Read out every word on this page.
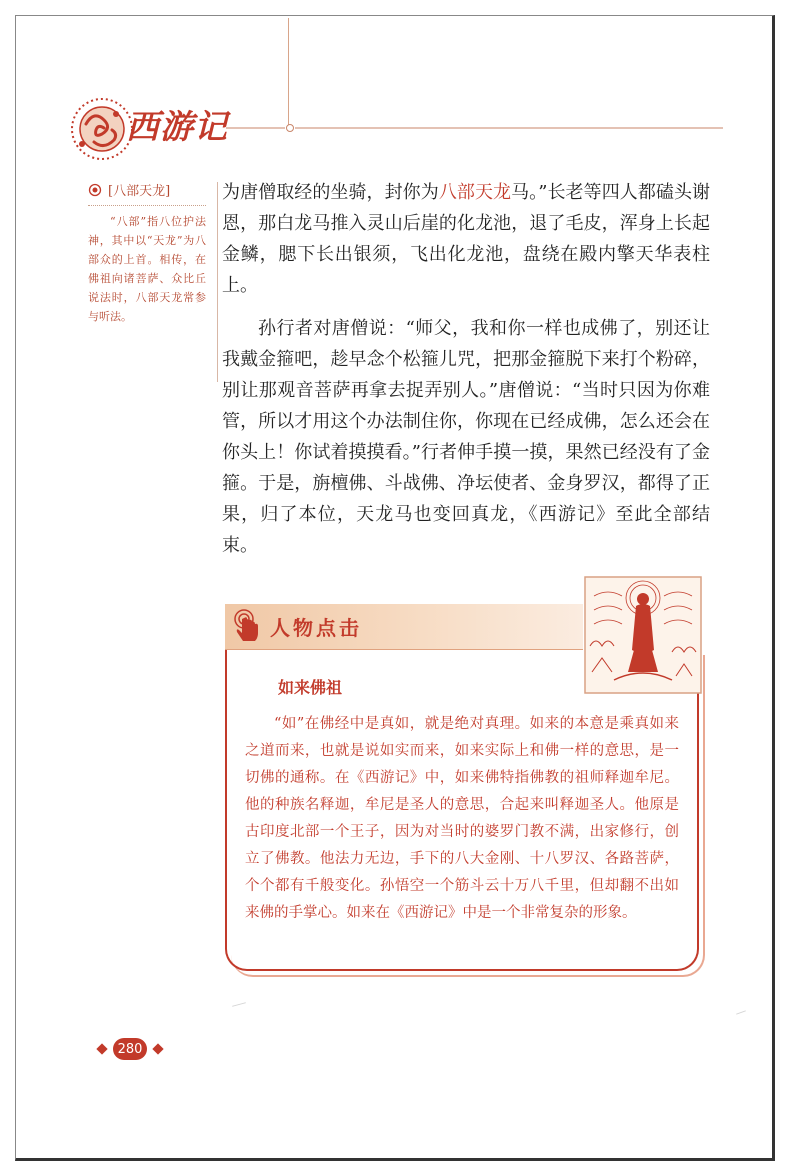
西游记
[八部天龙]
“八部”指八位护法神，其中以“天龙”为八部众的上首。相传，在佛祖向诸菩萨、众比丘说法时，八部天龙常参与听法。

为唐僧取经的坐骑，封你为八部天龙马。”长老等四人都磕头谢恩，那白龙马推入灵山后崖的化龙池，退了毛皮，浑身上长起金鳞，腮下长出银须，飞出化龙池，盘绕在殿内擎天华表柱上。

孙行者对唐僧说：“师父，我和你一样也成佛了，别还让我戴金箍吧，趁早念个松箍儿咒，把那金箍脱下来打个粉碎，别让那观音菩萨再拿去捉弄别人。”唐僧说：“当时只因为你难管，所以才用这个办法制住你，你现在已经成佛，怎么还会在你头上！你试着摸摸看。”行者伸手摸一摸，果然已经没有了金箍。于是，旃檀佛、斗战佛、净坛使者、金身罗汉，都得了正果，归了本位，天龙马也变回真龙，《西游记》至此全部结束。

人物点击
如来佛祖
“如”在佛经中是真如，就是绝对真理。如来的本意是乘真如来之道而来，也就是说如实而来，如来实际上和佛一样的意思，是一切佛的通称。在《西游记》中，如来佛特指佛教的祖师释迦牟尼。他的种族名释迦，牟尼是圣人的意思，合起来叫释迦圣人。他原是古印度北部一个王子，因为对当时的婆罗门教不满，出家修行，创立了佛教。他法力无边，手下的八大金刚、十八罗汉、各路菩萨，个个都有千般变化。孙悟空一个筋斗云十万八千里，但却翻不出如来佛的手掌心。如来在《西游记》中是一个非常复杂的形象。
280
